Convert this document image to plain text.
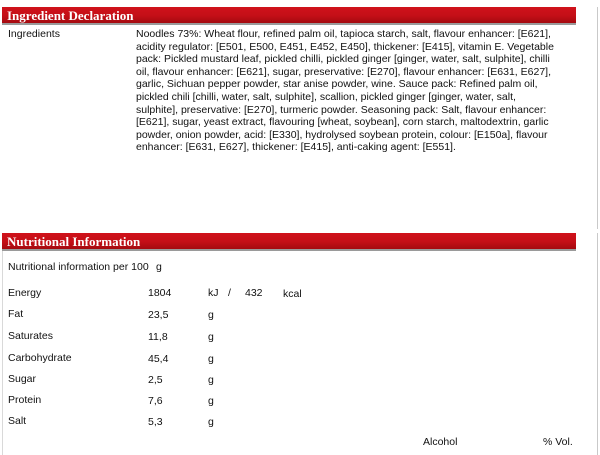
Ingredient Declaration
Ingredients	Noodles 73%: Wheat flour, refined palm oil, tapioca starch, salt, flavour enhancer: [E621], acidity regulator: [E501, E500, E451, E452, E450], thickener: [E415], vitamin E. Vegetable pack: Pickled mustard leaf, pickled chilli, pickled ginger [ginger, water, salt, sulphite], chilli oil, flavour enhancer: [E621], sugar, preservative: [E270], flavour enhancer: [E631, E627], garlic, Sichuan pepper powder, star anise powder, wine. Sauce pack: Refined palm oil, pickled chili [chilli, water, salt, sulphite], scallion, pickled ginger [ginger, water, salt, sulphite], preservative: [E270], turmeric powder. Seasoning pack: Salt, flavour enhancer: [E621], sugar, yeast extract, flavouring [wheat, soybean], corn starch, maltodextrin, garlic powder, onion powder, acid: [E330], hydrolysed soybean protein, colour: [E150a], flavour enhancer: [E631, E627], thickener: [E415], anti-caking agent: [E551].
Nutritional Information
Nutritional information per 100 g
Energy	1804	kJ / 432 kcal
Fat	23,5	g
Saturates	11,8	g
Carbohydrate	45,4	g
Sugar	2,5	g
Protein	7,6	g
Salt	5,3	g
Alcohol	% Vol.
